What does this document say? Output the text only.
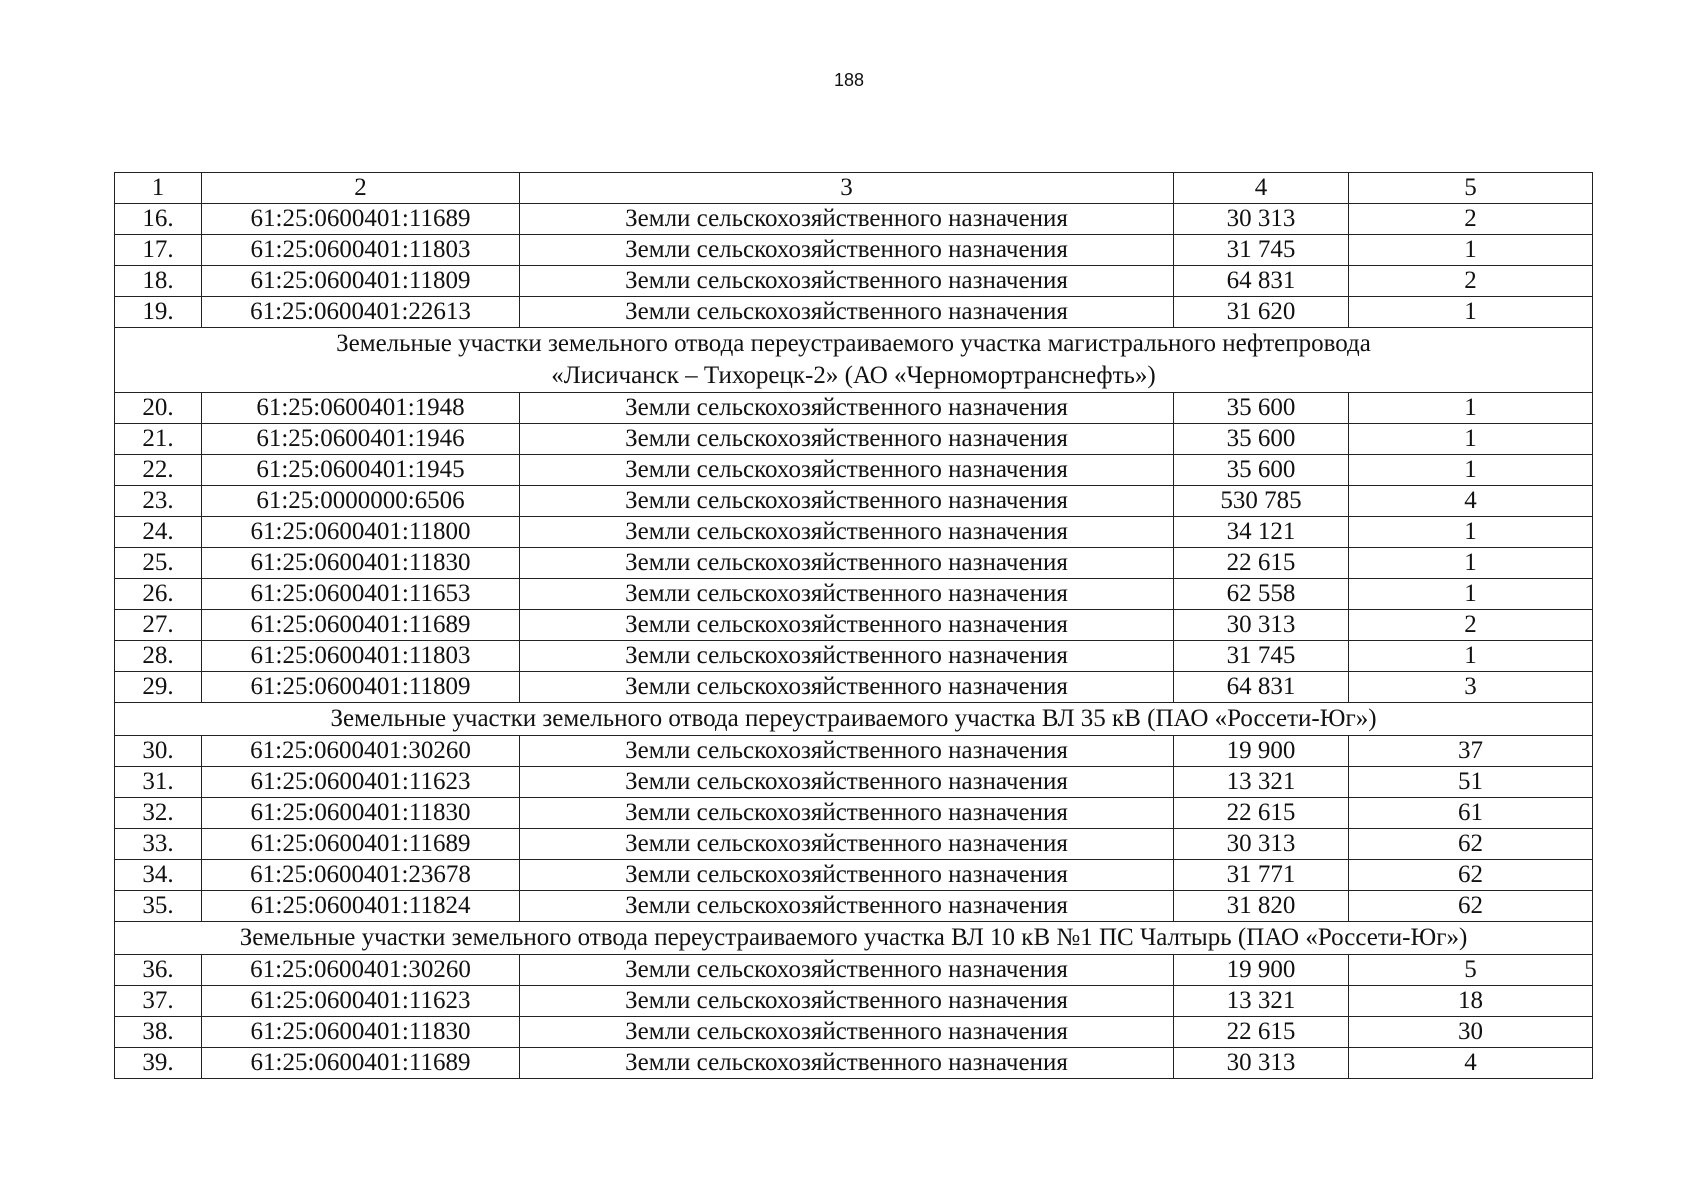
188
1	2	3	4	5
16.	61:25:0600401:11689	Земли сельскохозяйственного назначения	30 313	2
17.	61:25:0600401:11803	Земли сельскохозяйственного назначения	31 745	1
18.	61:25:0600401:11809	Земли сельскохозяйственного назначения	64 831	2
19.	61:25:0600401:22613	Земли сельскохозяйственного назначения	31 620	1

Земельные участки земельного отвода переустраиваемого участка магистрального нефтепровода
«Лисичанск – Тихорецк-2» (АО «Черномортранснефть»)				

20.	61:25:0600401:1948	Земли сельскохозяйственного назначения	35 600	1
21.	61:25:0600401:1946	Земли сельскохозяйственного назначения	35 600	1
22.	61:25:0600401:1945	Земли сельскохозяйственного назначения	35 600	1
23.	61:25:0000000:6506	Земли сельскохозяйственного назначения	530 785	4
24.	61:25:0600401:11800	Земли сельскохозяйственного назначения	34 121	1
25.	61:25:0600401:11830	Земли сельскохозяйственного назначения	22 615	1
26.	61:25:0600401:11653	Земли сельскохозяйственного назначения	62 558	1
27.	61:25:0600401:11689	Земли сельскохозяйственного назначения	30 313	2
28.	61:25:0600401:11803	Земли сельскохозяйственного назначения	31 745	1
29.	61:25:0600401:11809	Земли сельскохозяйственного назначения	64 831	3

Земельные участки земельного отвода переустраиваемого участка ВЛ 35 кВ (ПАО «Россети-Юг»)				

30.	61:25:0600401:30260	Земли сельскохозяйственного назначения	19 900	37
31.	61:25:0600401:11623	Земли сельскохозяйственного назначения	13 321	51
32.	61:25:0600401:11830	Земли сельскохозяйственного назначения	22 615	61
33.	61:25:0600401:11689	Земли сельскохозяйственного назначения	30 313	62
34.	61:25:0600401:23678	Земли сельскохозяйственного назначения	31 771	62
35.	61:25:0600401:11824	Земли сельскохозяйственного назначения	31 820	62

Земельные участки земельного отвода переустраиваемого участка ВЛ 10 кВ №1 ПС Чалтырь (ПАО «Россети-Юг»)				

36.	61:25:0600401:30260	Земли сельскохозяйственного назначения	19 900	5
37.	61:25:0600401:11623	Земли сельскохозяйственного назначения	13 321	18
38.	61:25:0600401:11830	Земли сельскохозяйственного назначения	22 615	30
39.	61:25:0600401:11689	Земли сельскохозяйственного назначения	30 313	4
